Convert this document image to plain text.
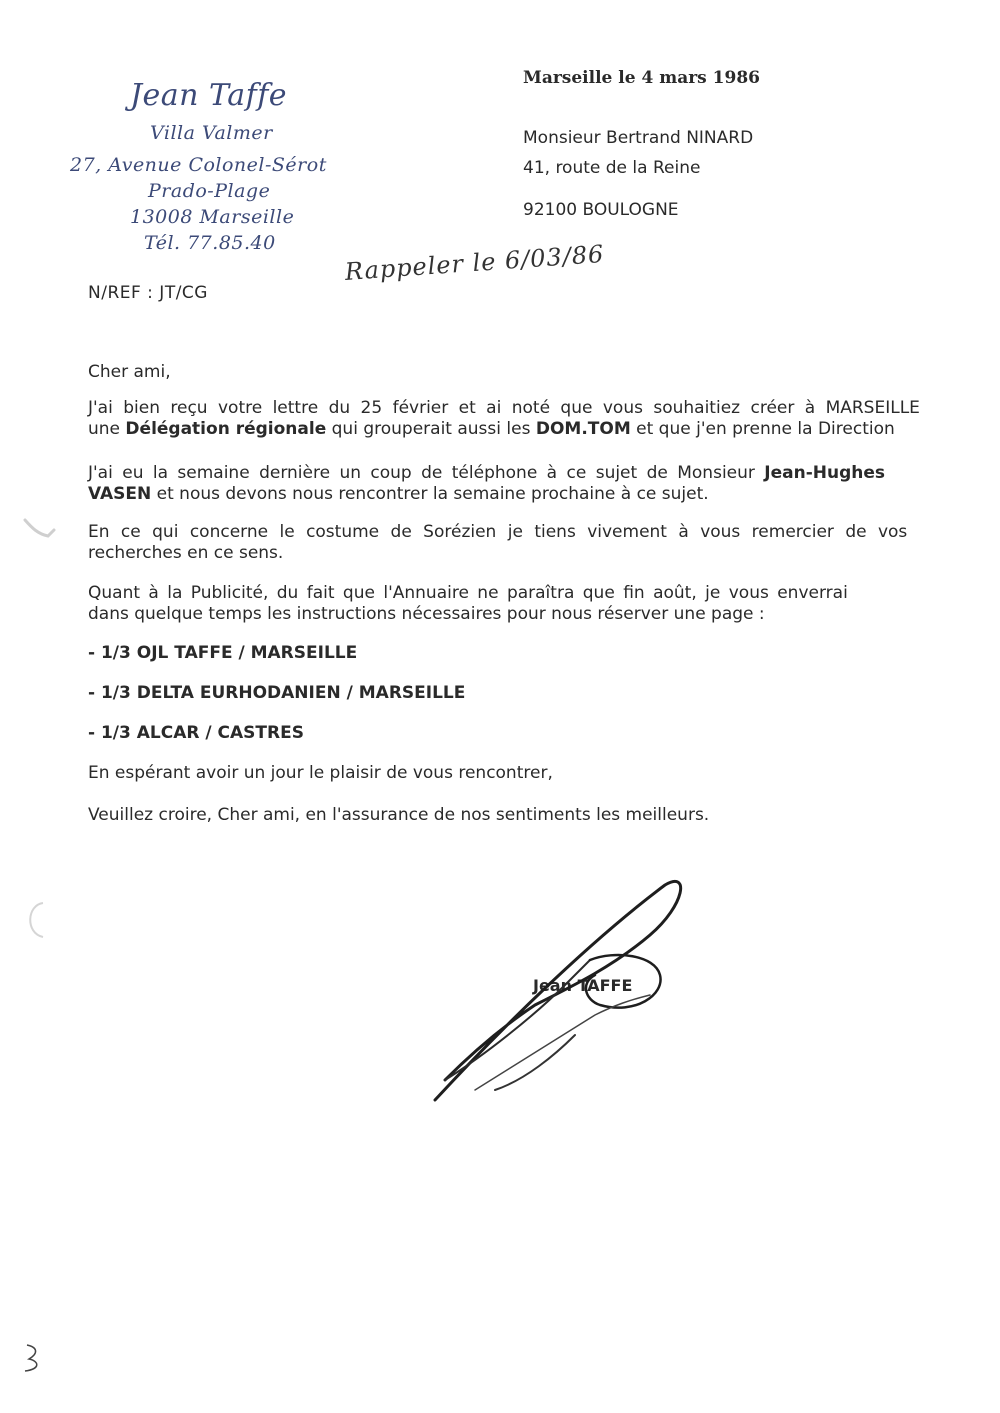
Jean Taffe
Villa Valmer
27, Avenue Colonel-Sérot
Prado-Plage
13008 Marseille
Tél. 77.85.40
Marseille le 4 mars 1986
Monsieur Bertrand NINARD
41, route de la Reine
92100 BOULOGNE
N/REF : JT/CG
Rappeler le 6/03/86
Cher ami,
J'ai bien reçu votre lettre du 25 février et ai noté que vous souhaitiez créer à MARSEILLE
une Délégation régionale qui grouperait aussi les DOM.TOM et que j'en prenne la Direction
J'ai eu la semaine dernière un coup de téléphone à ce sujet de Monsieur Jean-Hughes
VASEN et nous devons nous rencontrer la semaine prochaine à ce sujet.
En ce qui concerne le costume de Sorézien je tiens vivement à vous remercier de vos
recherches en ce sens.
Quant à la Publicité, du fait que l'Annuaire ne paraîtra que fin août, je vous enverrai
dans quelque temps les instructions nécessaires pour nous réserver une page :
- 1/3 OJL TAFFE / MARSEILLE
- 1/3 DELTA EURHODANIEN / MARSEILLE
- 1/3 ALCAR / CASTRES
En espérant avoir un jour le plaisir de vous rencontrer,
Veuillez croire, Cher ami, en l'assurance de nos sentiments les meilleurs.
Jean TAFFE
